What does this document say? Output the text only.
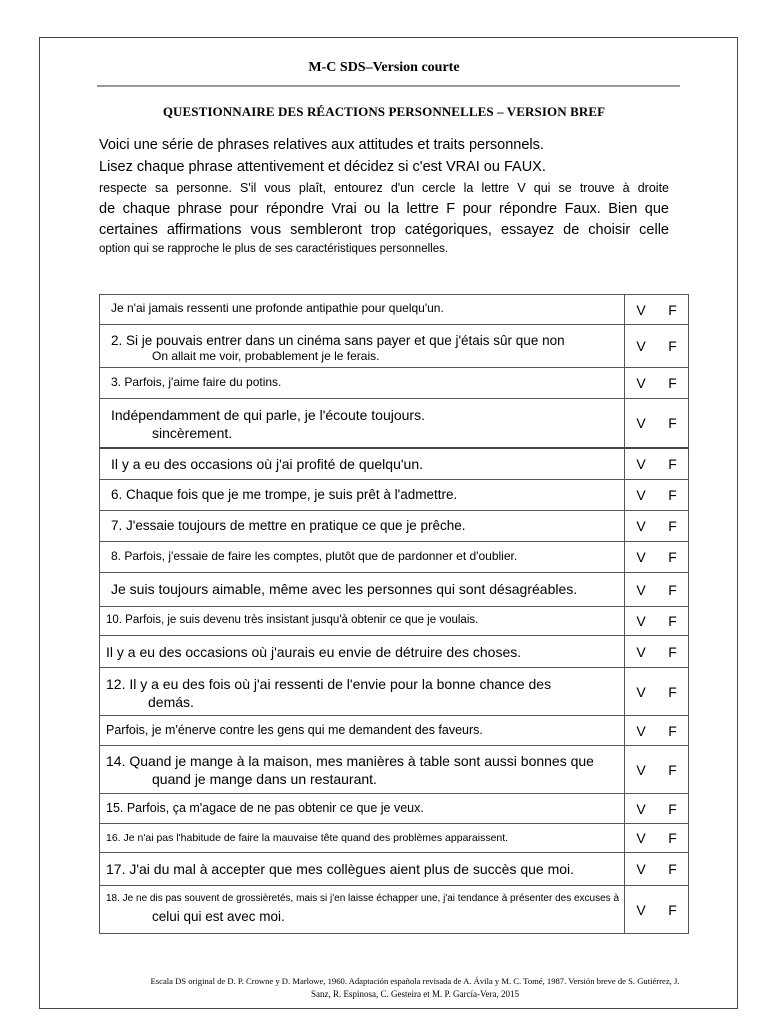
M-C SDS–Version courte
QUESTIONNAIRE DES RÉACTIONS PERSONNELLES – VERSION BREF
Voici une série de phrases relatives aux attitudes et traits personnels.
Lisez chaque phrase attentivement et décidez si c'est VRAI ou FAUX.
respecte sa personne. S'il vous plaît, entourez d'un cercle la lettre V qui se trouve à droite
de chaque phrase pour répondre Vrai ou la lettre F pour répondre Faux. Bien que
certaines affirmations vous sembleront trop catégoriques, essayez de choisir celle
option qui se rapproche le plus de ses caractéristiques personnelles.
Je n'ai jamais ressenti une profonde antipathie pour quelqu'un.	V	F
2. Si je pouvais entrer dans un cinéma sans payer et que j'étais sûr que non
On allait me voir, probablement je le ferais.
V	F
3. Parfois, j'aime faire du potins.	V	F
Indépendamment de qui parle, je l'écoute toujours.
sincèrement.
V	F
Il y a eu des occasions où j'ai profité de quelqu'un.	V	F
6. Chaque fois que je me trompe, je suis prêt à l'admettre.	V	F
7. J'essaie toujours de mettre en pratique ce que je prêche.	V	F
8. Parfois, j'essaie de faire les comptes, plutôt que de pardonner et d'oublier.	V	F
Je suis toujours aimable, même avec les personnes qui sont désagréables.	V	F
10. Parfois, je suis devenu très insistant jusqu'à obtenir ce que je voulais.	V	F
Il y a eu des occasions où j'aurais eu envie de détruire des choses.	V	F
12. Il y a eu des fois où j'ai ressenti de l'envie pour la bonne chance des
demás.
V	F
Parfois, je m'énerve contre les gens qui me demandent des faveurs.	V	F
14. Quand je mange à la maison, mes manières à table sont aussi bonnes que
quand je mange dans un restaurant.
V	F
15. Parfois, ça m'agace de ne pas obtenir ce que je veux.	V	F
16. Je n'ai pas l'habitude de faire la mauvaise tête quand des problèmes apparaissent.	V	F
17. J'ai du mal à accepter que mes collègues aient plus de succès que moi.	V	F
18. Je ne dis pas souvent de grossièretés, mais si j'en laisse échapper une, j'ai tendance à présenter des excuses à
celui qui est avec moi.	V	F
Escala DS original de D. P. Crowne y D. Marlowe, 1960. Adaptación española revisada de A. Ávila y M. C. Tomé, 1987. Versión breve de S. Gutiérrez, J.
Sanz, R. Espinosa, C. Gesteira et M. P. García-Vera, 2015
